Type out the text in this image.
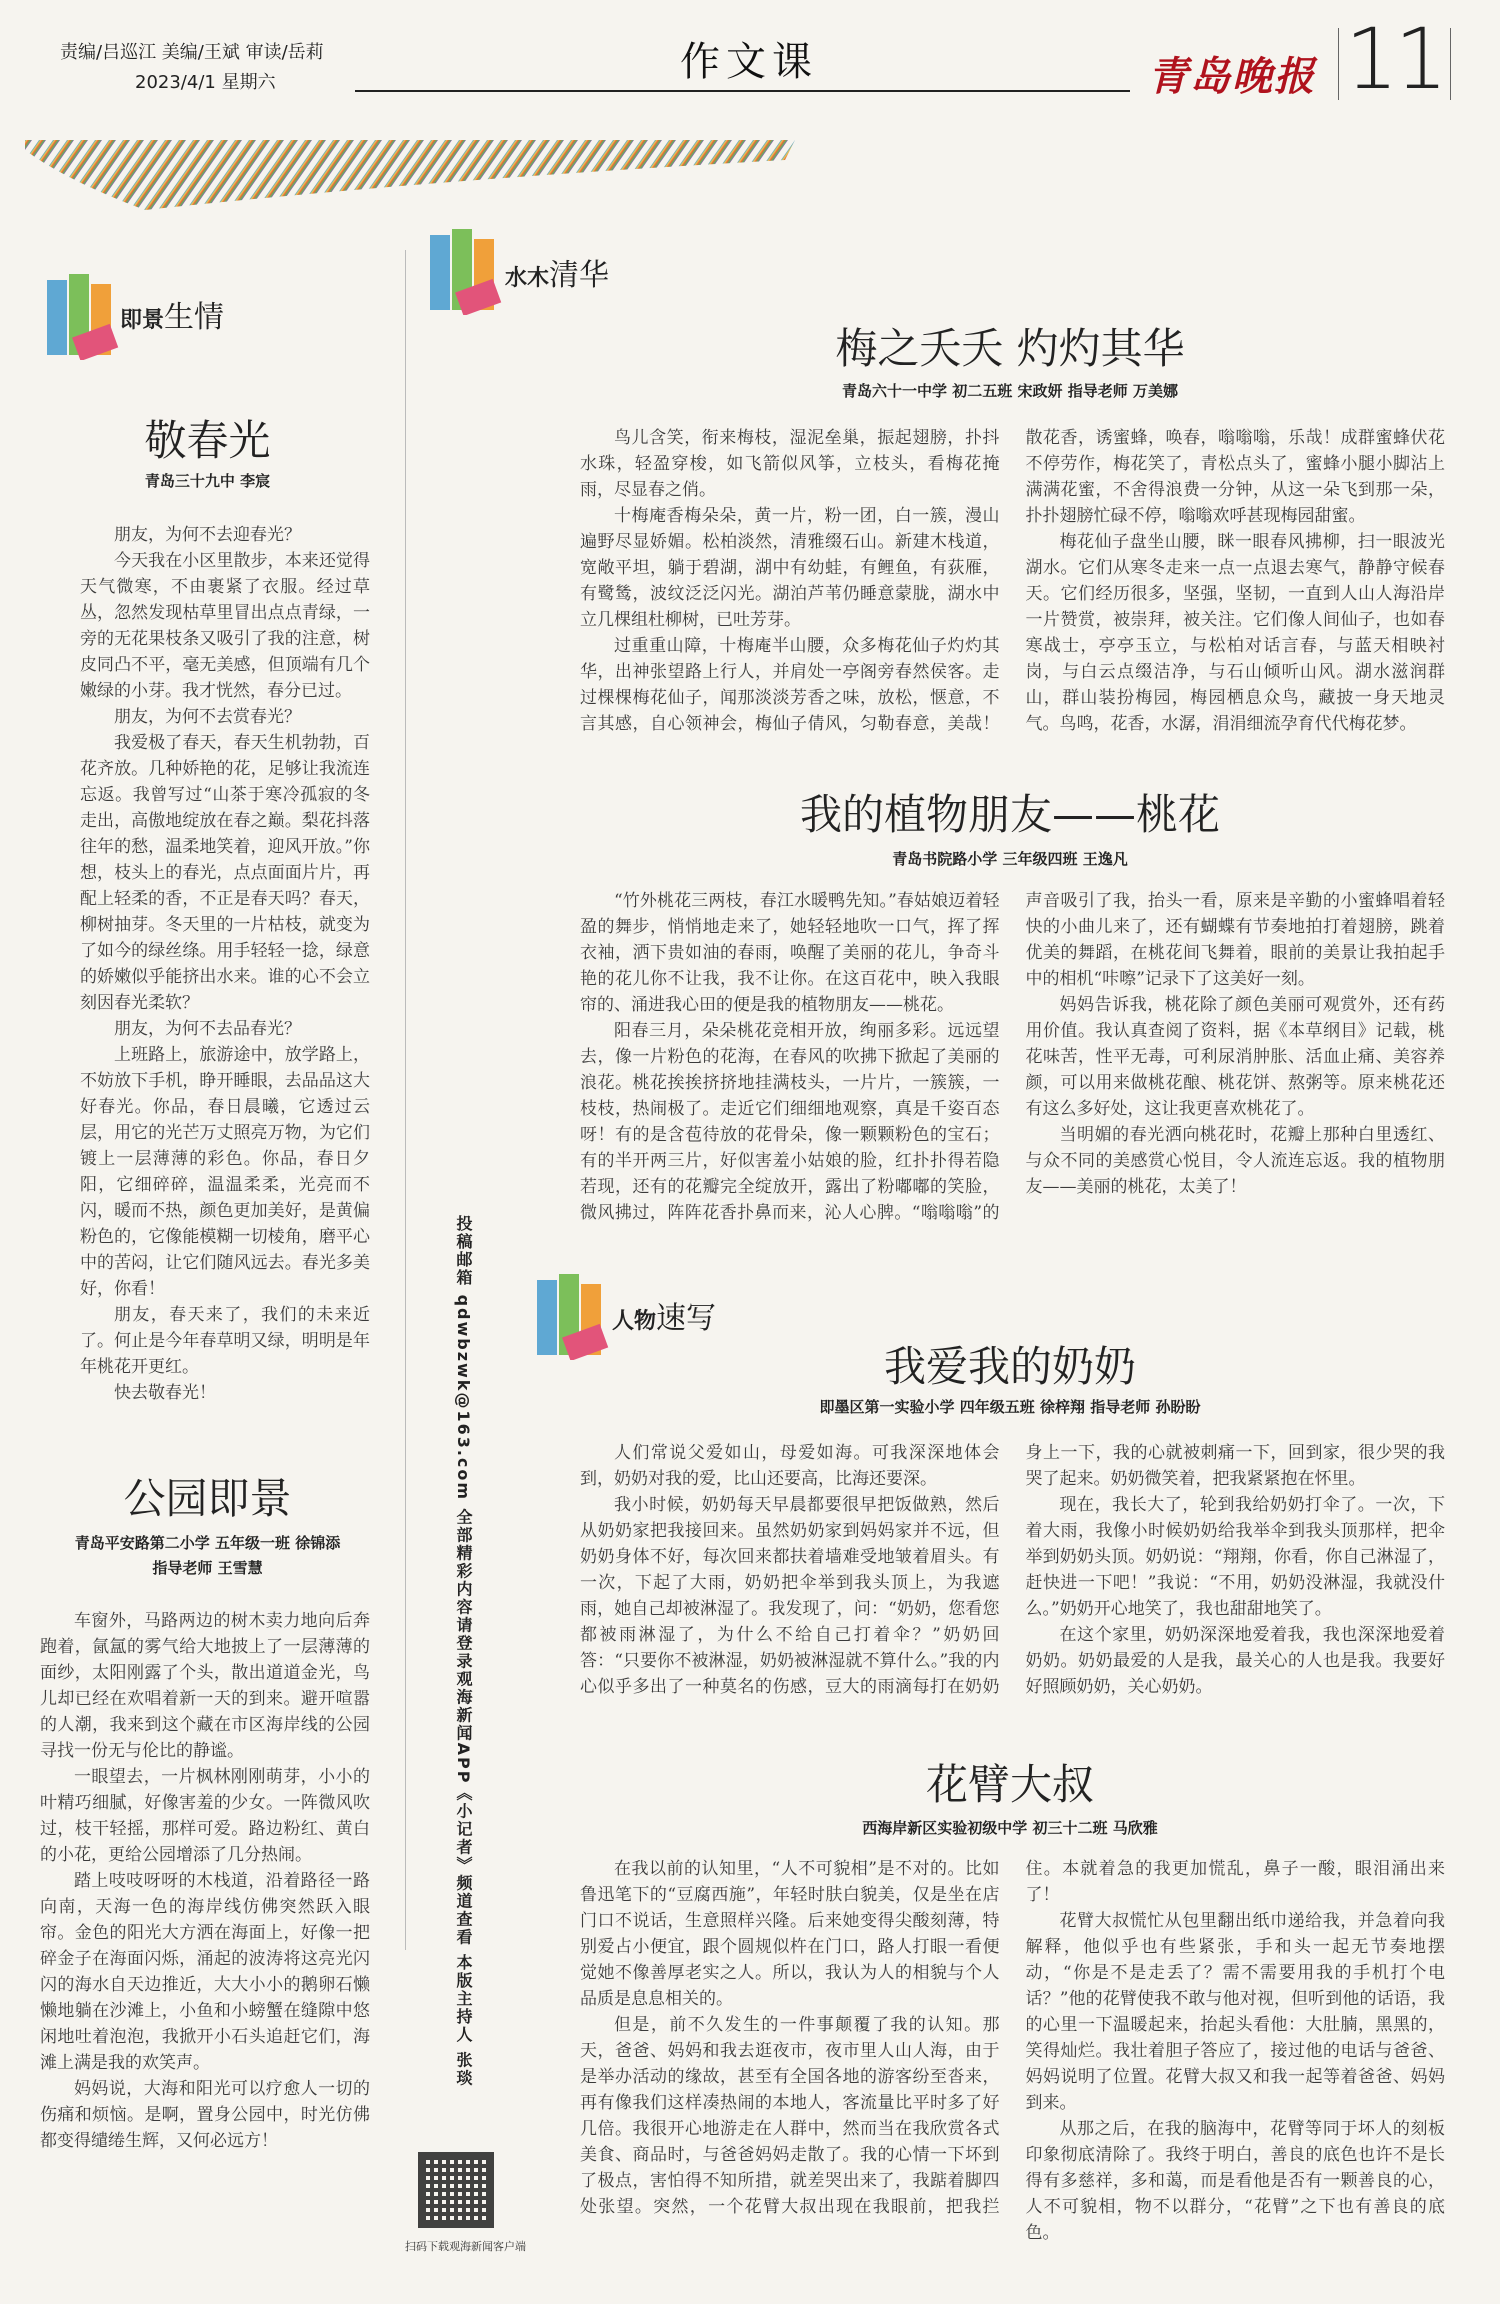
责编/吕巡江 美编/王斌 审读/岳莉
2023/4/1 星期六	作文课	青岛晚报 11
即景生情
敬春光
青岛三十九中 李宸

朋友，为何不去迎春光？

今天我在小区里散步，本来还觉得天气微寒，不由裹紧了衣服。经过草丛，忽然发现枯草里冒出点点青绿，一旁的无花果枝条又吸引了我的注意，树皮同凸不平，毫无美感，但顶端有几个嫩绿的小芽。我才恍然，春分已过。

朋友，为何不去赏春光？

我爱极了春天，春天生机勃勃，百花齐放。几种娇艳的花，足够让我流连忘返。我曾写过“山茶于寒冷孤寂的冬走出，高傲地绽放在春之巅。梨花抖落往年的愁，温柔地笑着，迎风开放。”你想，枝头上的春光，点点面面片片，再配上轻柔的香，不正是春天吗？春天，柳树抽芽。冬天里的一片枯枝，就变为了如今的绿丝绦。用手轻轻一捻，绿意的娇嫩似乎能挤出水来。谁的心不会立刻因春光柔软？

朋友，为何不去品春光？

上班路上，旅游途中，放学路上，不妨放下手机，睁开睡眼，去品品这大好春光。你品，春日晨曦，它透过云层，用它的光芒万丈照亮万物，为它们镀上一层薄薄的彩色。你品，春日夕阳，它细碎碎，温温柔柔，光亮而不闪，暖而不热，颜色更加美好，是黄偏粉色的，它像能模糊一切棱角，磨平心中的苦闷，让它们随风远去。春光多美好，你看！

朋友，春天来了，我们的未来近了。何止是今年春草明又绿，明明是年年桃花开更红。

快去敬春光！

公园即景
青岛平安路第二小学 五年级一班 徐锦添
指导老师 王雪慧

车窗外，马路两边的树木卖力地向后奔跑着，氤氲的雾气给大地披上了一层薄薄的面纱，太阳刚露了个头，散出道道金光，鸟儿却已经在欢唱着新一天的到来。避开喧嚣的人潮，我来到这个藏在市区海岸线的公园寻找一份无与伦比的静谧。

一眼望去，一片枫林刚刚萌芽，小小的叶精巧细腻，好像害羞的少女。一阵微风吹过，枝干轻摇，那样可爱。路边粉红、黄白的小花，更给公园增添了几分热闹。

踏上吱吱呀呀的木栈道，沿着路径一路向南，天海一色的海岸线仿佛突然跃入眼帘。金色的阳光大方洒在海面上，好像一把碎金子在海面闪烁，涌起的波涛将这亮光闪闪的海水自天边推近，大大小小的鹅卵石懒懒地躺在沙滩上，小鱼和小螃蟹在缝隙中悠闲地吐着泡泡，我掀开小石头追赶它们，海滩上满是我的欢笑声。

妈妈说，大海和阳光可以疗愈人一切的伤痛和烦恼。是啊，置身公园中，时光仿佛都变得缱绻生辉，又何必远方！

投稿邮箱 qdwbzwk@163.com 全部精彩内容请登录观海新闻APP《小记者》频道查看 本版主持人 张琰
扫码下载观海新闻客户端
水木清华
梅之夭夭 灼灼其华
青岛六十一中学 初二五班 宋政妍 指导老师 万美娜

鸟儿含笑，衔来梅枝，湿泥垒巢，振起翅膀，扑抖水珠，轻盈穿梭，如飞箭似风筝，立枝头，看梅花掩雨，尽显春之俏。

十梅庵香梅朵朵，黄一片，粉一团，白一簇，漫山遍野尽显娇媚。松柏淡然，清雅缀石山。新建木栈道，宽敞平坦，躺于碧湖，湖中有幼蛙，有鲤鱼，有荻雁，有鹭鸶，波纹泛泛闪光。湖泊芦苇仍睡意蒙胧，湖水中立几棵组杜柳树，已吐芳芽。

过重重山障，十梅庵半山腰，众多梅花仙子灼灼其华，出神张望路上行人，并肩处一亭阁旁春然侯客。走过棵棵梅花仙子，闻那淡淡芳香之味，放松，惬意，不言其感，自心领神会，梅仙子倩风，匀勒春意，美哉！散花香，诱蜜蜂，唤春，嗡嗡嗡，乐哉！成群蜜蜂伏花不停劳作，梅花笑了，青松点头了，蜜蜂小腿小脚沾上满满花蜜，不舍得浪费一分钟，从这一朵飞到那一朵，扑扑翅膀忙碌不停，嗡嗡欢呼甚现梅园甜蜜。

梅花仙子盘坐山腰，眯一眼春风拂柳，扫一眼波光湖水。它们从寒冬走来一点一点退去寒气，静静守候春天。它们经历很多，坚强，坚韧，一直到人山人海沿岸一片赞赏，被崇拜，被关注。它们像人间仙子，也如春寒战士，亭亭玉立，与松柏对话言春，与蓝天相映衬岗，与白云点缀洁净，与石山倾听山风。湖水滋润群山，群山装扮梅园，梅园栖息众鸟，藏披一身天地灵气。鸟鸣，花香，水潺，涓涓细流孕育代代梅花梦。

我的植物朋友——桃花
青岛书院路小学 三年级四班 王逸凡

“竹外桃花三两枝，春江水暖鸭先知。”春姑娘迈着轻盈的舞步，悄悄地走来了，她轻轻地吹一口气，挥了挥衣袖，洒下贵如油的春雨，唤醒了美丽的花儿，争奇斗艳的花儿你不让我，我不让你。在这百花中，映入我眼帘的、涌进我心田的便是我的植物朋友——桃花。

阳春三月，朵朵桃花竞相开放，绚丽多彩。远远望去，像一片粉色的花海，在春风的吹拂下掀起了美丽的浪花。桃花挨挨挤挤地挂满枝头，一片片，一簇簇，一枝枝，热闹极了。走近它们细细地观察，真是千姿百态呀！有的是含苞待放的花骨朵，像一颗颗粉色的宝石；有的半开两三片，好似害羞小姑娘的脸，红扑扑得若隐若现，还有的花瓣完全绽放开，露出了粉嘟嘟的笑脸，微风拂过，阵阵花香扑鼻而来，沁人心脾。“嗡嗡嗡”的声音吸引了我，抬头一看，原来是辛勤的小蜜蜂唱着轻快的小曲儿来了，还有蝴蝶有节奏地拍打着翅膀，跳着优美的舞蹈，在桃花间飞舞着，眼前的美景让我拍起手中的相机“咔嚓”记录下了这美好一刻。

妈妈告诉我，桃花除了颜色美丽可观赏外，还有药用价值。我认真查阅了资料，据《本草纲目》记载，桃花味苦，性平无毒，可利尿消肿胀、活血止痛、美容养颜，可以用来做桃花酿、桃花饼、熬粥等。原来桃花还有这么多好处，这让我更喜欢桃花了。

当明媚的春光洒向桃花时，花瓣上那种白里透红、与众不同的美感赏心悦目，令人流连忘返。我的植物朋友——美丽的桃花，太美了！

人物速写
我爱我的奶奶
即墨区第一实验小学 四年级五班 徐梓翔 指导老师 孙盼盼

人们常说父爱如山，母爱如海。可我深深地体会到，奶奶对我的爱，比山还要高，比海还要深。

我小时候，奶奶每天早晨都要很早把饭做熟，然后从奶奶家把我接回来。虽然奶奶家到妈妈家并不远，但奶奶身体不好，每次回来都扶着墙难受地皱着眉头。有一次，下起了大雨，奶奶把伞举到我头顶上，为我遮雨，她自己却被淋湿了。我发现了，问：“奶奶，您看您都被雨淋湿了，为什么不给自己打着伞？”奶奶回答：“只要你不被淋湿，奶奶被淋湿就不算什么。”我的内心似乎多出了一种莫名的伤感，豆大的雨滴每打在奶奶身上一下，我的心就被刺痛一下，回到家，很少哭的我哭了起来。奶奶微笑着，把我紧紧抱在怀里。

现在，我长大了，轮到我给奶奶打伞了。一次，下着大雨，我像小时候奶奶给我举伞到我头顶那样，把伞举到奶奶头顶。奶奶说：“翔翔，你看，你自己淋湿了，赶快进一下吧！”我说：“不用，奶奶没淋湿，我就没什么。”奶奶开心地笑了，我也甜甜地笑了。

在这个家里，奶奶深深地爱着我，我也深深地爱着奶奶。奶奶最爱的人是我，最关心的人也是我。我要好好照顾奶奶，关心奶奶。

花臂大叔
西海岸新区实验初级中学 初三十二班 马欣雅

在我以前的认知里，“人不可貌相”是不对的。比如鲁迅笔下的“豆腐西施”，年轻时肤白貌美，仅是坐在店门口不说话，生意照样兴隆。后来她变得尖酸刻薄，特别爱占小便宜，跟个圆规似杵在门口，路人打眼一看便觉她不像善厚老实之人。所以，我认为人的相貌与个人品质是息息相关的。

但是，前不久发生的一件事颠覆了我的认知。那天，爸爸、妈妈和我去逛夜市，夜市里人山人海，由于是举办活动的缘故，甚至有全国各地的游客纷至沓来，再有像我们这样凑热闹的本地人，客流量比平时多了好几倍。我很开心地游走在人群中，然而当在我欣赏各式美食、商品时，与爸爸妈妈走散了。我的心情一下坏到了极点，害怕得不知所措，就差哭出来了，我踮着脚四处张望。突然，一个花臂大叔出现在我眼前，把我拦住。本就着急的我更加慌乱，鼻子一酸，眼泪涌出来了！

花臂大叔慌忙从包里翻出纸巾递给我，并急着向我解释，他似乎也有些紧张，手和头一起无节奏地摆动，“你是不是走丢了？需不需要用我的手机打个电话？”他的花臂使我不敢与他对视，但听到他的话语，我的心里一下温暖起来，抬起头看他：大肚腩，黑黑的，笑得灿烂。我壮着胆子答应了，接过他的电话与爸爸、妈妈说明了位置。花臂大叔又和我一起等着爸爸、妈妈到来。

从那之后，在我的脑海中，花臂等同于坏人的刻板印象彻底清除了。我终于明白，善良的底色也许不是长得有多慈祥，多和蔼，而是看他是否有一颗善良的心，人不可貌相，物不以群分，“花臂”之下也有善良的底色。
